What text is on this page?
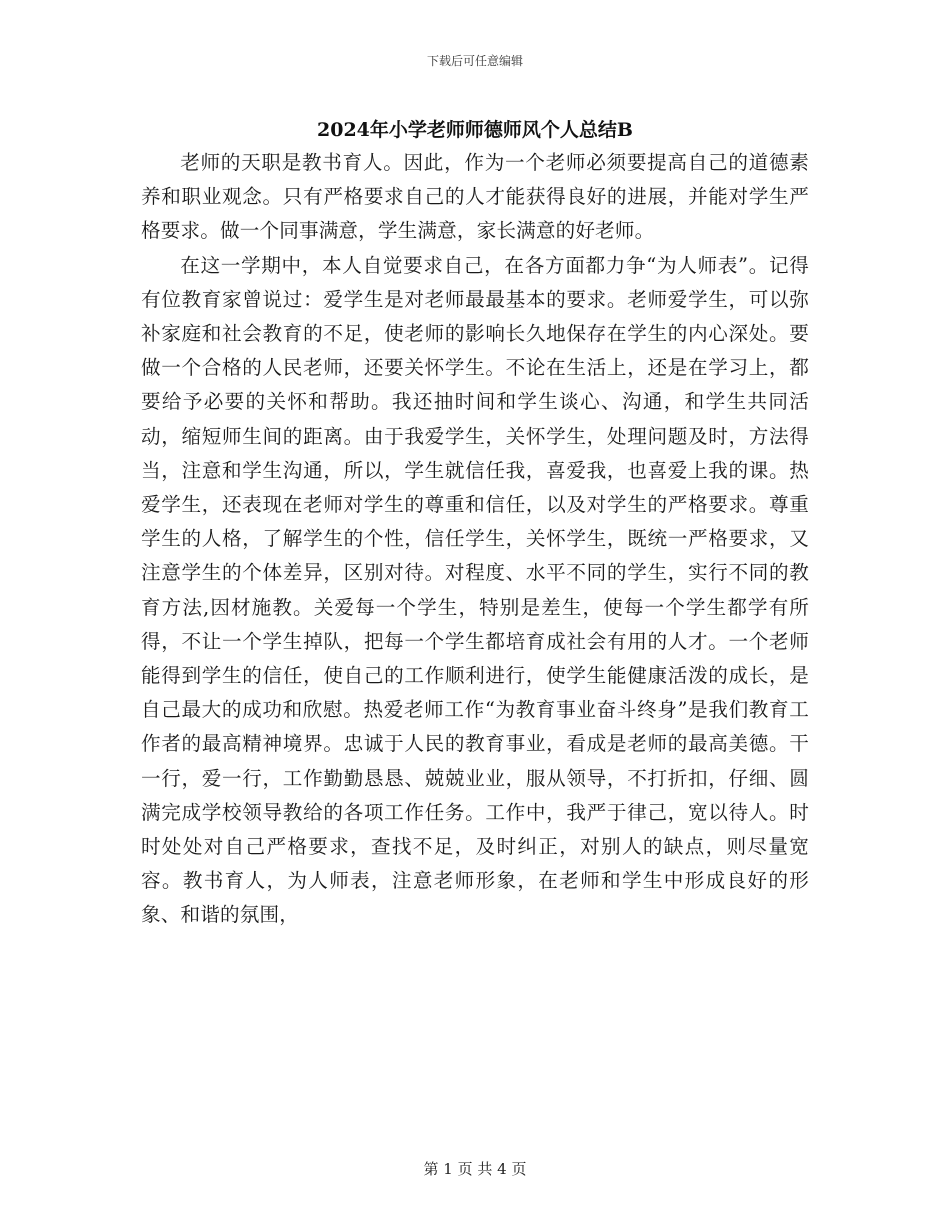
下载后可任意编辑
2024年小学老师师德师风个人总结B

老师的天职是教书育人。因此，作为一个老师必须要提高自己的道德素养和职业观念。只有严格要求自己的人才能获得良好的进展，并能对学生严格要求。做一个同事满意，学生满意，家长满意的好老师。

在这一学期中，本人自觉要求自己，在各方面都力争“为人师表”。记得有位教育家曾说过：爱学生是对老师最最基本的要求。老师爱学生，可以弥补家庭和社会教育的不足，使老师的影响长久地保存在学生的内心深处。要做一个合格的人民老师，还要关怀学生。不论在生活上，还是在学习上，都要给予必要的关怀和帮助。我还抽时间和学生谈心、沟通，和学生共同活动，缩短师生间的距离。由于我爱学生，关怀学生，处理问题及时，方法得当，注意和学生沟通，所以，学生就信任我，喜爱我，也喜爱上我的课。热爱学生，还表现在老师对学生的尊重和信任，以及对学生的严格要求。尊重学生的人格，了解学生的个性，信任学生，关怀学生，既统一严格要求，又注意学生的个体差异，区别对待。对程度、水平不同的学生，实行不同的教育方法,因材施教。关爱每一个学生，特别是差生，使每一个学生都学有所得，不让一个学生掉队，把每一个学生都培育成社会有用的人才。一个老师能得到学生的信任，使自己的工作顺利进行，使学生能健康活泼的成长，是自己最大的成功和欣慰。热爱老师工作“为教育事业奋斗终身”是我们教育工作者的最高精神境界。忠诚于人民的教育事业，看成是老师的最高美德。干一行，爱一行，工作勤勤恳恳、兢兢业业，服从领导，不打折扣，仔细、圆满完成学校领导教给的各项工作任务。工作中，我严于律己，宽以待人。时时处处对自己严格要求，查找不足，及时纠正，对别人的缺点，则尽量宽容。教书育人，为人师表，注意老师形象，在老师和学生中形成良好的形象、和谐的氛围，

第 1 页 共 4 页
